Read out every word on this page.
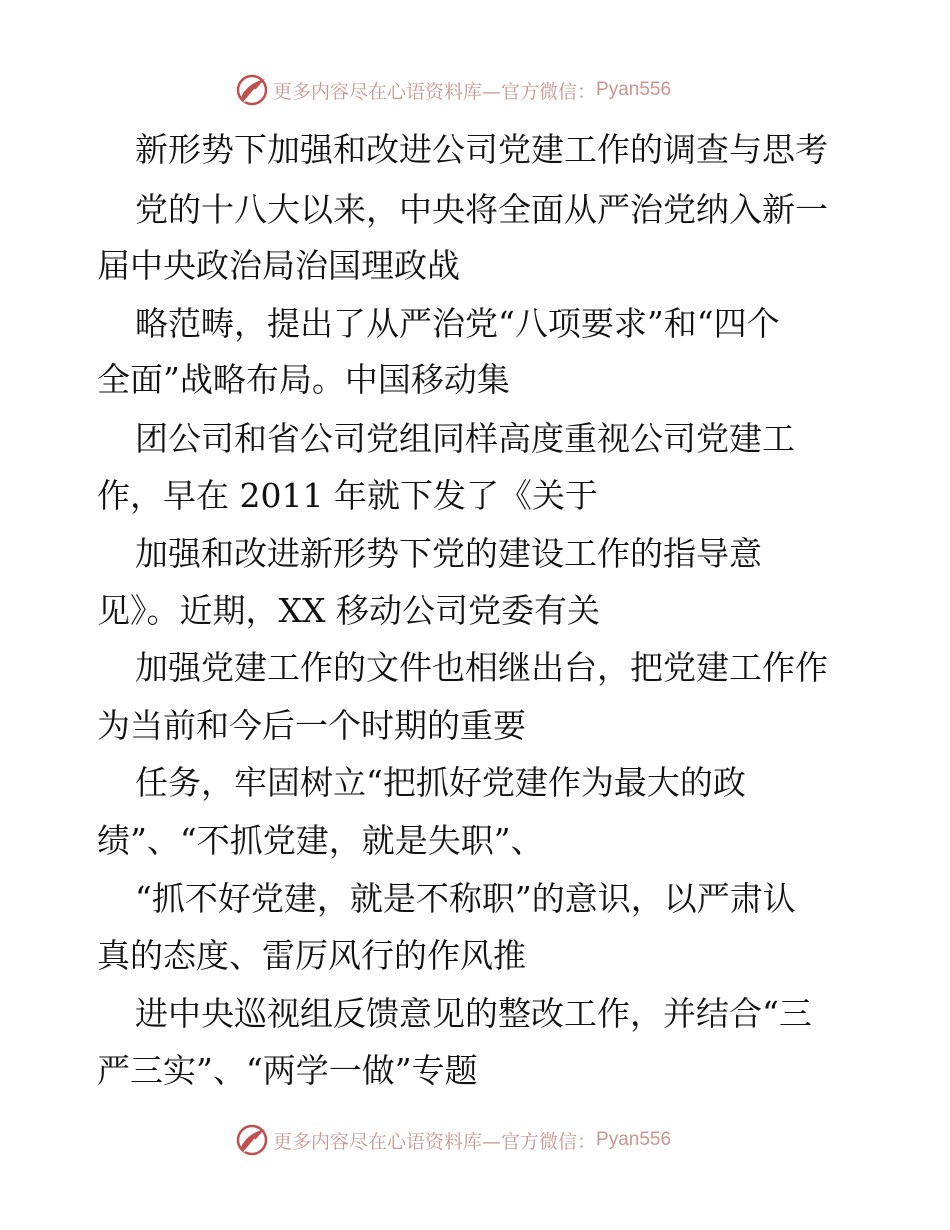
更多内容尽在心语资料库—官方微信： Pyan556
新形势下加强和改进公司党建工作的调查与思考
党的十八大以来，中央将全面从严治党纳入新一
届中央政治局治国理政战
略范畴，提出了从严治党“八项要求”和“四个
全面”战略布局。中国移动集
团公司和省公司党组同样高度重视公司党建工
作，早在 2011 年就下发了《关于
加强和改进新形势下党的建设工作的指导意
见》。近期，XX 移动公司党委有关
加强党建工作的文件也相继出台，把党建工作作
为当前和今后一个时期的重要
任务，牢固树立“把抓好党建作为最大的政
绩”、“不抓党建，就是失职”、
“抓不好党建，就是不称职”的意识，以严肃认
真的态度、雷厉风行的作风推
进中央巡视组反馈意见的整改工作，并结合“三
严三实”、“两学一做”专题
更多内容尽在心语资料库—官方微信： Pyan556
